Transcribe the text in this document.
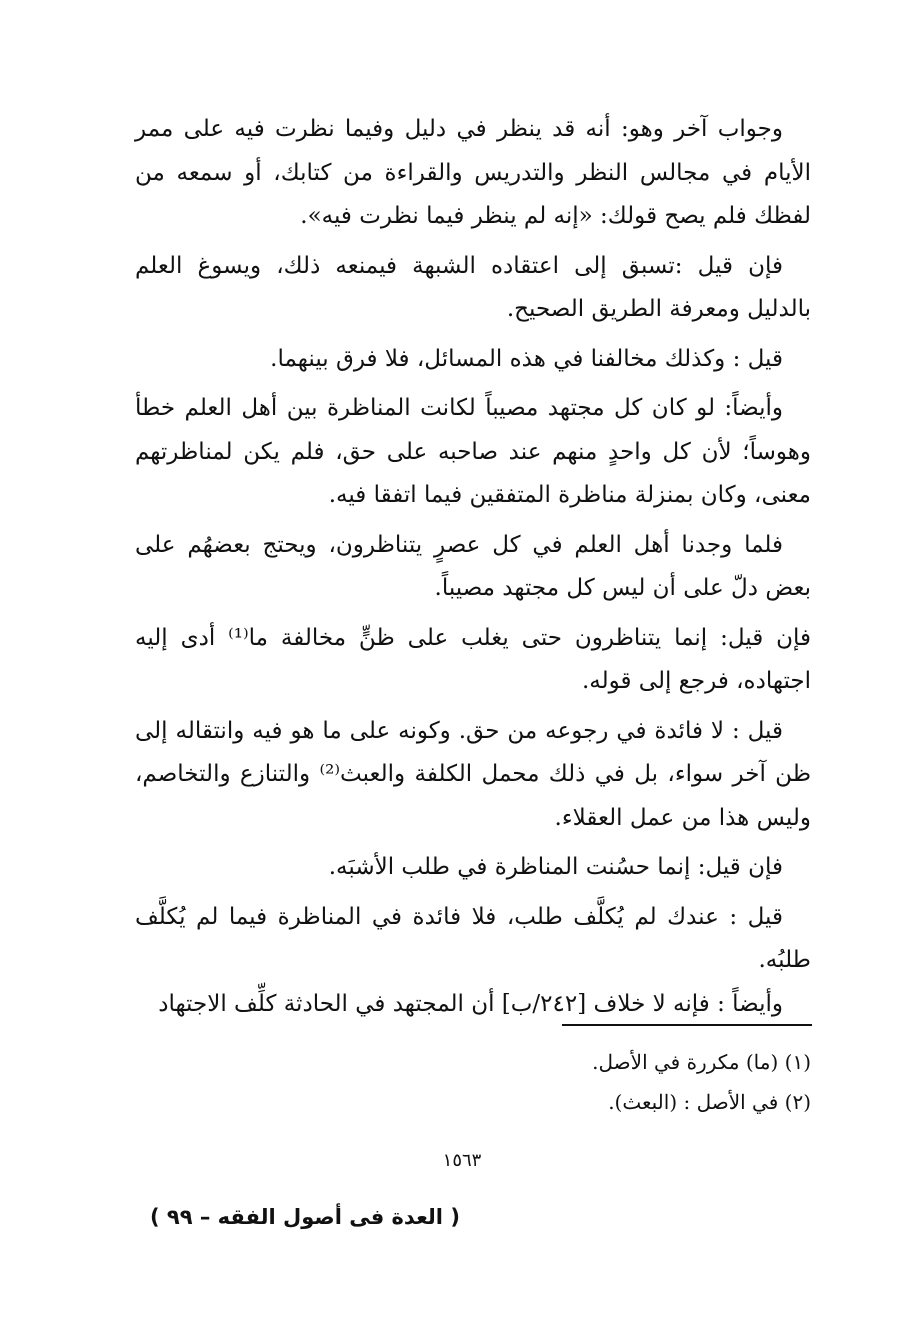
وجواب آخر وهو: أنه قد ينظر في دليل وفيما نظرت فيه على ممر الأيام في مجالس النظر والتدريس والقراءة من كتابك، أو سمعه من لفظك فلم يصح قولك: «إنه لم ينظر فيما نظرت فيه».

فإن قيل :تسبق إلى اعتقاده الشبهة فيمنعه ذلك، ويسوغ العلم بالدليل ومعرفة الطريق الصحيح.

قيل : وكذلك مخالفنا في هذه المسائل، فلا فرق بينهما.

وأيضاً: لو كان كل مجتهد مصيباً لكانت المناظرة بين أهل العلم خطأ وهوساً؛ لأن كل واحدٍ منهم عند صاحبه على حق، فلم يكن لمناظرتهم معنى، وكان بمنزلة مناظرة المتفقين فيما اتفقا فيه.

فلما وجدنا أهل العلم في كل عصرٍ يتناظرون، ويحتج بعضهُم على بعض دلّ على أن ليس كل مجتهد مصيباً.

فإن قيل: إنما يتناظرون حتى يغلب على ظنٍّ مخالفة ما⁽¹⁾ أدى إليه اجتهاده، فرجع إلى قوله.

قيل : لا فائدة في رجوعه من حق. وكونه على ما هو فيه وانتقاله إلى ظن آخر سواء، بل في ذلك محمل الكلفة والعبث⁽²⁾ والتنازع والتخاصم، وليس هذا من عمل العقلاء.

فإن قيل: إنما حسُنت المناظرة في طلب الأشبَه.

قيل : عندك لم يُكلَّف طلب، فلا فائدة في المناظرة فيما لم يُكلَّف طلبُه.

وأيضاً : فإنه لا خلاف [٢٤٢/ب] أن المجتهد في الحادثة كلِّف الاجتهاد

(١) (ما) مكررة في الأصل.

(٢) في الأصل : (البعث).

١٥٦٣
( العدة فى أصول الفقه – ٩٩ )
